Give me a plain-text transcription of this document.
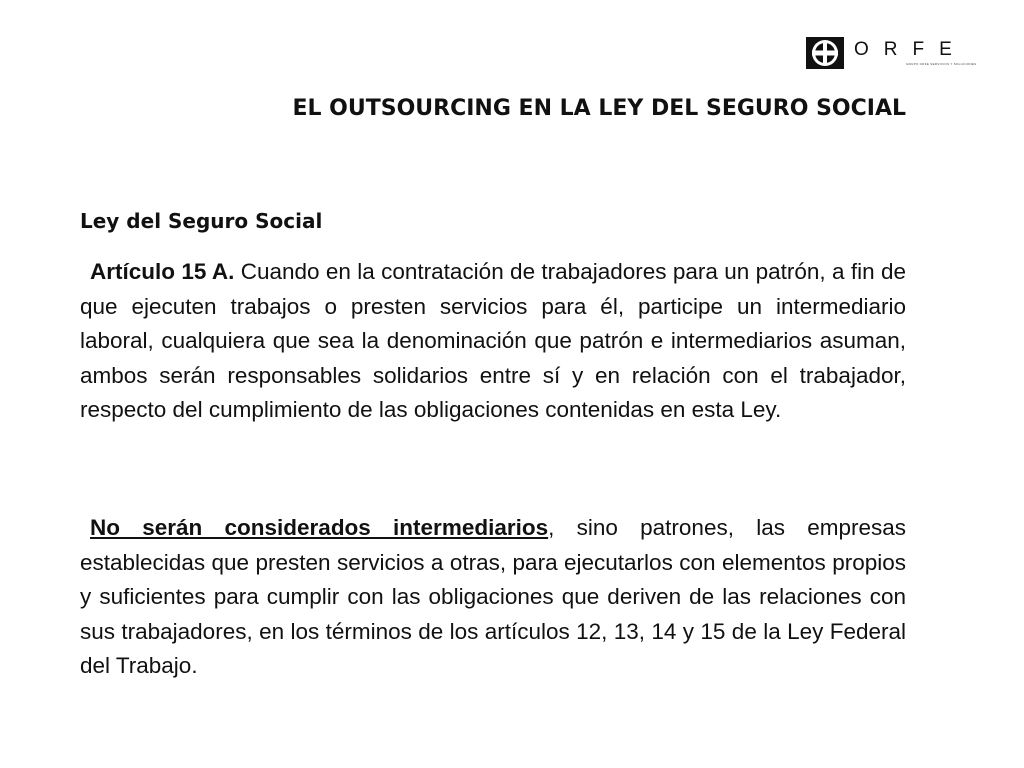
ORFE
GRUPO ORFE SERVICIOS Y SOLUCIONES
EL OUTSOURCING EN LA LEY DEL SEGURO SOCIAL
Ley del Seguro Social

Artículo 15 A. Cuando en la contratación de trabajadores para un patrón, a fin de que ejecuten trabajos o presten servicios para él, participe un intermediario laboral, cualquiera que sea la denominación que patrón e intermediarios asuman, ambos serán responsables solidarios entre sí y en relación con el trabajador, respecto del cumplimiento de las obligaciones contenidas en esta Ley.

No serán considerados intermediarios, sino patrones, las empresas establecidas que presten servicios a otras, para ejecutarlos con elementos propios y suficientes para cumplir con las obligaciones que deriven de las relaciones con sus trabajadores, en los términos de los artículos 12, 13, 14 y 15 de la Ley Federal del Trabajo.
